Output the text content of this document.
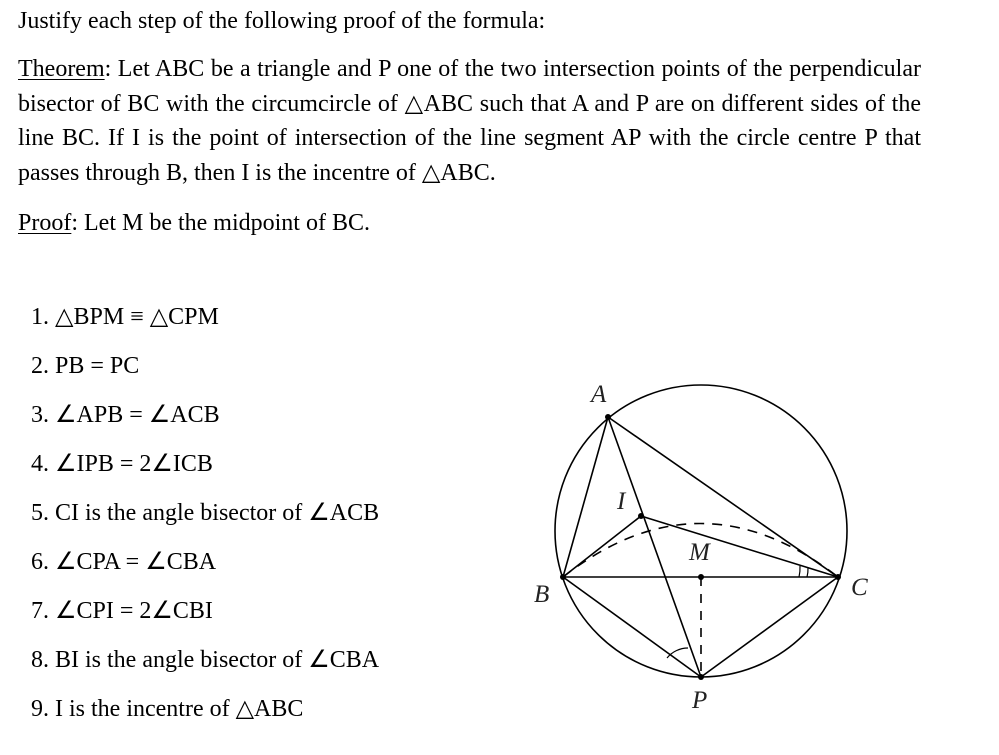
Justify each step of the following proof of the formula:

Theorem: Let ABC be a triangle and P one of the two intersection points of the perpendicular bisector of BC with the circumcircle of △ABC such that A and P are on different sides of the line BC. If I is the point of intersection of the line segment AP with the circle centre P that passes through B, then I is the incentre of △ABC.

Proof: Let M be the midpoint of BC.

1. △BPM ≡ △CPM
2. PB = PC
3. ∠APB = ∠ACB
4. ∠IPB = 2∠ICB
5. CI is the angle bisector of ∠ACB
6. ∠CPA = ∠CBA
7. ∠CPI = 2∠CBI
8. BI is the angle bisector of ∠CBA
9. I is the incentre of △ABC
A
B	C
M
I
P
